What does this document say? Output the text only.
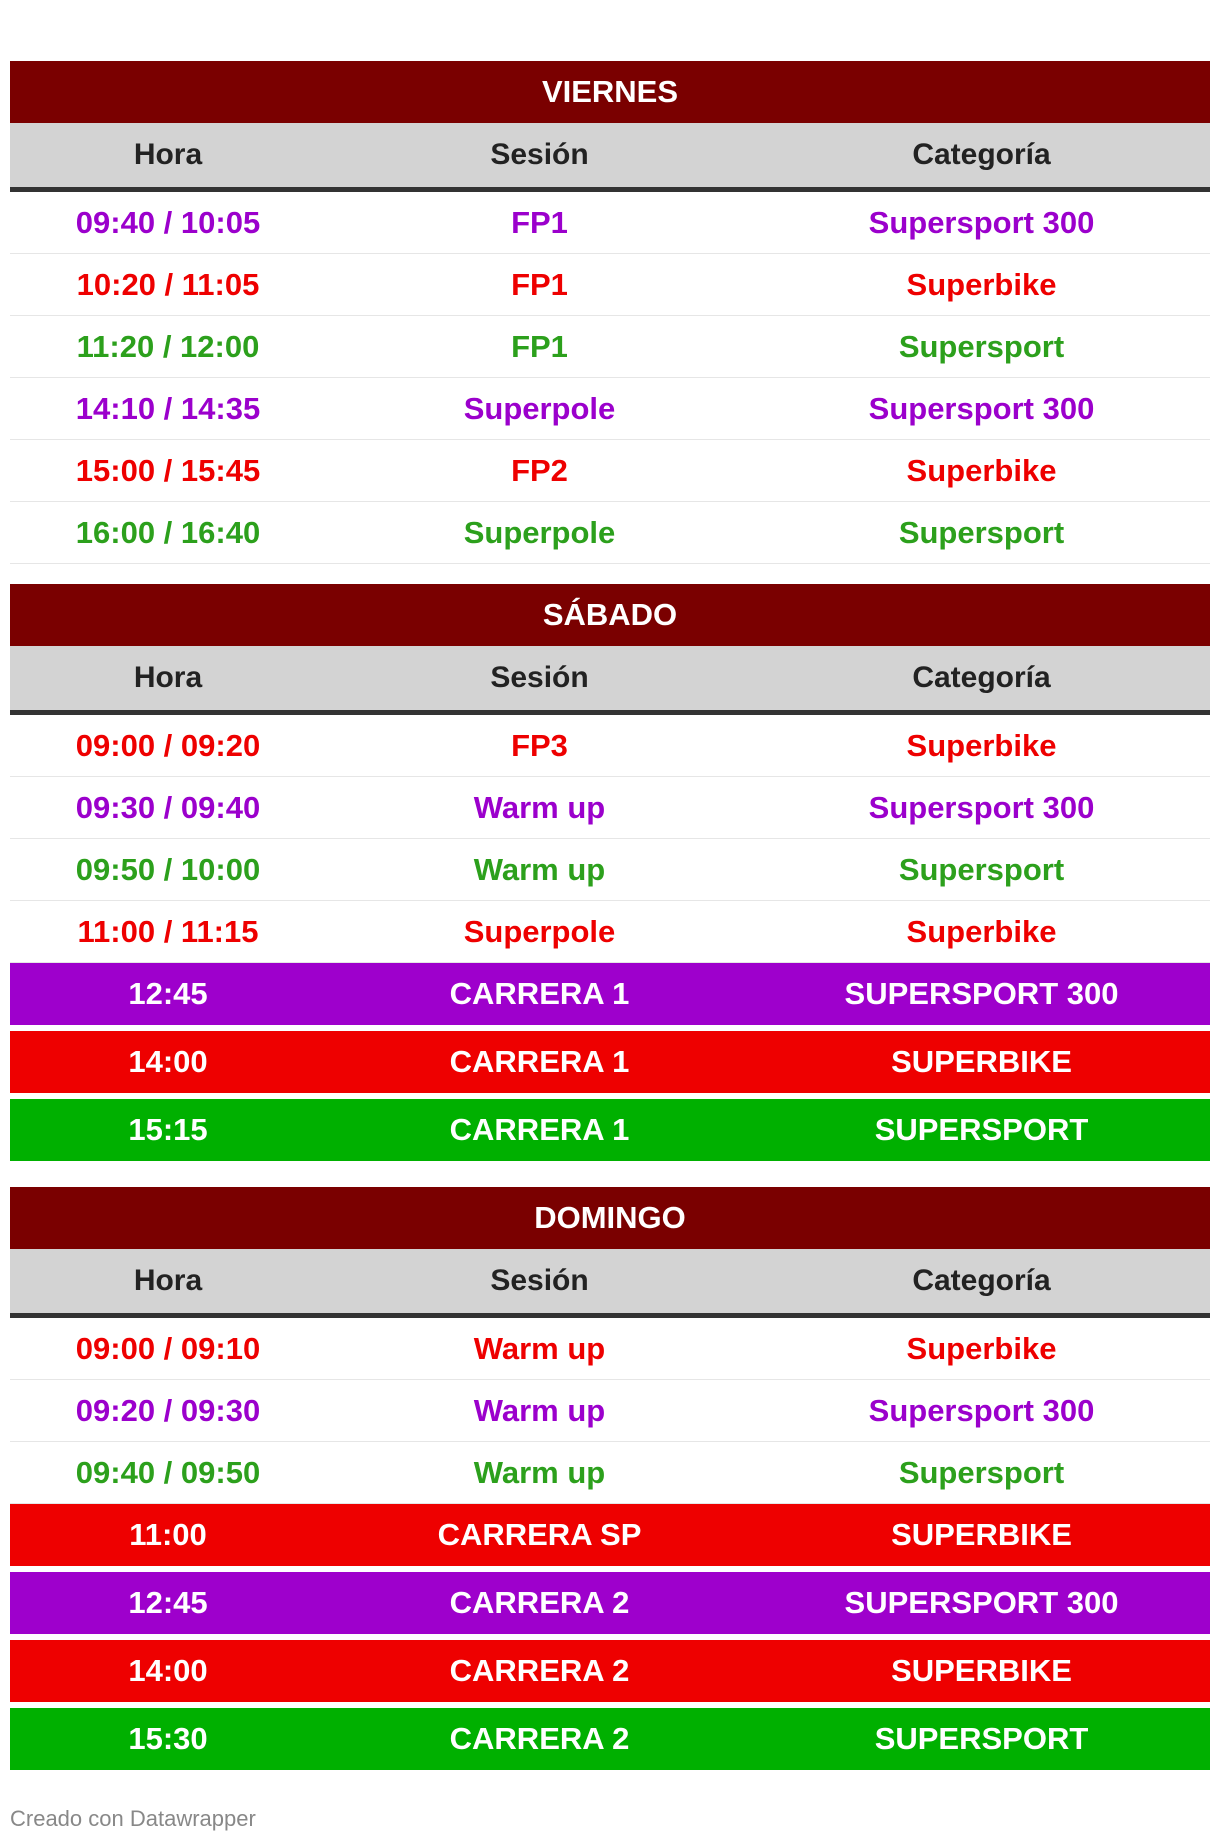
VIERNES
Hora	Sesión	Categoría
09:40 / 10:05	FP1	Supersport 300
10:20 / 11:05	FP1	Superbike
11:20 / 12:00	FP1	Supersport
14:10 / 14:35	Superpole	Supersport 300
15:00 / 15:45	FP2	Superbike
16:00 / 16:40	Superpole	Supersport
SÁBADO
Hora	Sesión	Categoría
09:00 / 09:20	FP3	Superbike
09:30 / 09:40	Warm up	Supersport 300
09:50 / 10:00	Warm up	Supersport
11:00 / 11:15	Superpole	Superbike
12:45	CARRERA 1	SUPERSPORT 300
14:00	CARRERA 1	SUPERBIKE
15:15	CARRERA 1	SUPERSPORT
DOMINGO
Hora	Sesión	Categoría
09:00 / 09:10	Warm up	Superbike
09:20 / 09:30	Warm up	Supersport 300
09:40 / 09:50	Warm up	Supersport
11:00	CARRERA SP	SUPERBIKE
12:45	CARRERA 2	SUPERSPORT 300
14:00	CARRERA 2	SUPERBIKE
15:30	CARRERA 2	SUPERSPORT
Creado con Datawrapper
